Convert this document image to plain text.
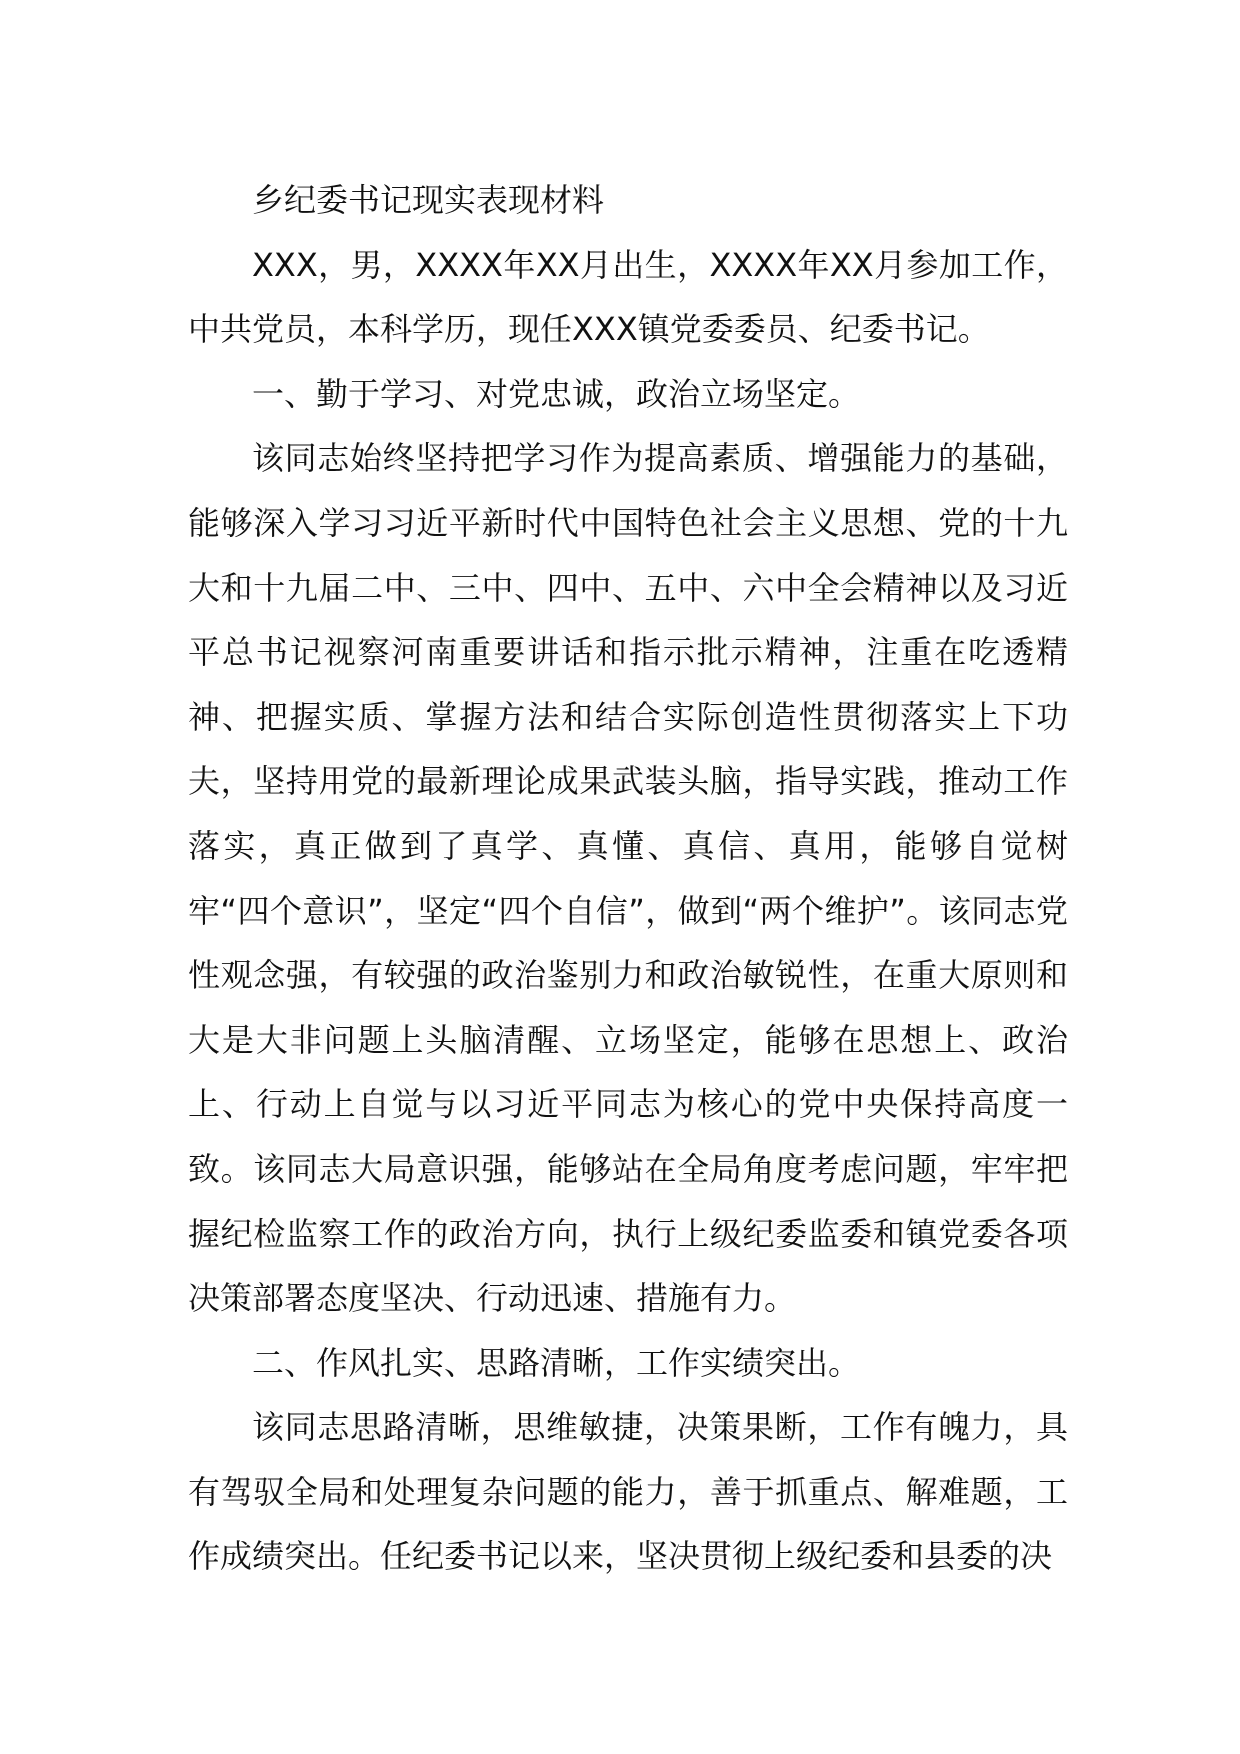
乡纪委书记现实表现材料

XXX，男，XXXX年XX月出生，XXXX年XX月参加工作，中共党员，本科学历，现任XXX镇党委委员、纪委书记。

一、勤于学习、对党忠诚，政治立场坚定。

该同志始终坚持把学习作为提高素质、增强能力的基础，能够深入学习习近平新时代中国特色社会主义思想、党的十九大和十九届二中、三中、四中、五中、六中全会精神以及习近平总书记视察河南重要讲话和指示批示精神，注重在吃透精神、把握实质、掌握方法和结合实际创造性贯彻落实上下功夫，坚持用党的最新理论成果武装头脑，指导实践，推动工作落实，真正做到了真学、真懂、真信、真用，能够自觉树牢“四个意识”，坚定“四个自信”，做到“两个维护”。该同志党性观念强，有较强的政治鉴别力和政治敏锐性，在重大原则和大是大非问题上头脑清醒、立场坚定，能够在思想上、政治上、行动上自觉与以习近平同志为核心的党中央保持高度一致。该同志大局意识强，能够站在全局角度考虑问题，牢牢把握纪检监察工作的政治方向，执行上级纪委监委和镇党委各项决策部署态度坚决、行动迅速、措施有力。

二、作风扎实、思路清晰，工作实绩突出。

该同志思路清晰，思维敏捷，决策果断，工作有魄力，具有驾驭全局和处理复杂问题的能力，善于抓重点、解难题，工作成绩突出。任纪委书记以来，坚决贯彻上级纪委和县委的决
